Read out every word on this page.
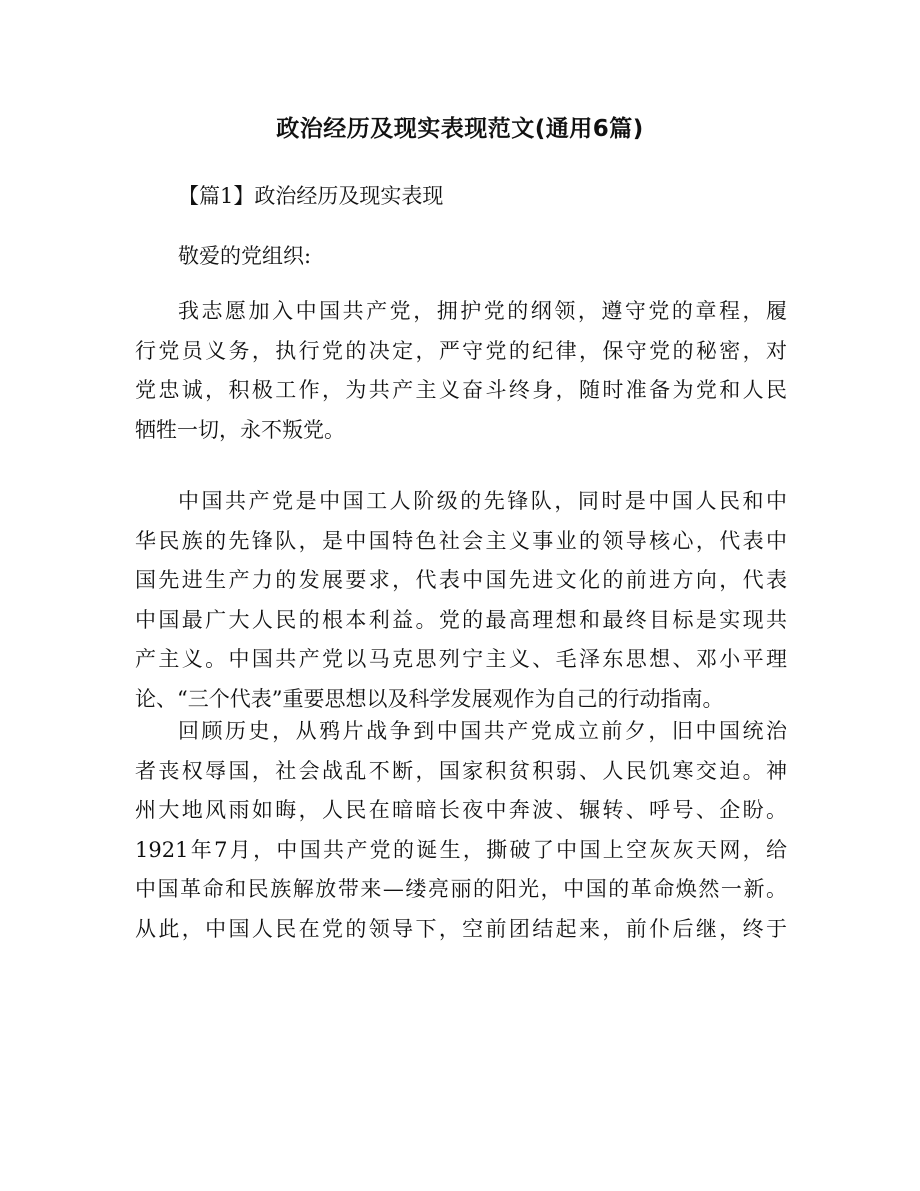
政治经历及现实表现范文(通用6篇)
【篇1】政治经历及现实表现
敬爱的党组织:
我志愿加入中国共产党，拥护党的纲领，遵守党的章程，履
行党员义务，执行党的决定，严守党的纪律，保守党的秘密，对
党忠诚，积极工作，为共产主义奋斗终身，随时准备为党和人民
牺牲一切，永不叛党。
中国共产党是中国工人阶级的先锋队，同时是中国人民和中
华民族的先锋队，是中国特色社会主义事业的领导核心，代表中
国先进生产力的发展要求，代表中国先进文化的前进方向，代表
中国最广大人民的根本利益。党的最高理想和最终目标是实现共
产主义。中国共产党以马克思列宁主义、毛泽东思想、邓小平理
论、“三个代表”重要思想以及科学发展观作为自己的行动指南。
回顾历史，从鸦片战争到中国共产党成立前夕，旧中国统治
者丧权辱国，社会战乱不断，国家积贫积弱、人民饥寒交迫。神
州大地风雨如晦，人民在暗暗长夜中奔波、辗转、呼号、企盼。
1921年7月，中国共产党的诞生，撕破了中国上空灰灰天网，给
中国革命和民族解放带来—缕亮丽的阳光，中国的革命焕然一新。
从此，中国人民在党的领导下，空前团结起来，前仆后继，终于
